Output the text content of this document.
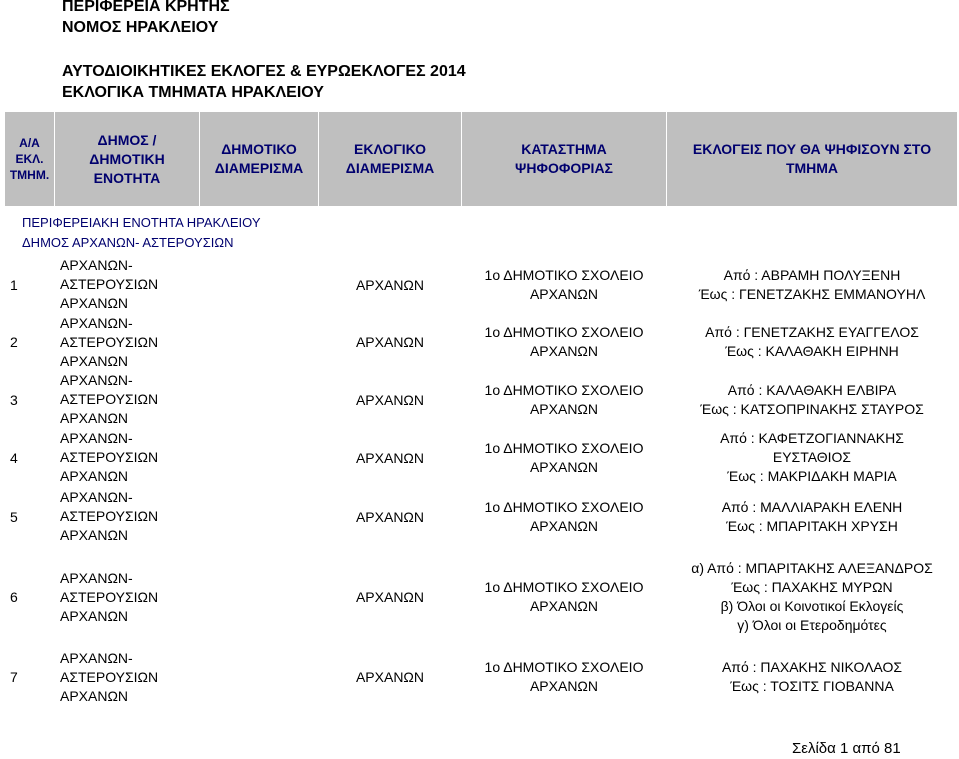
ΠΕΡΙΦΕΡΕΙΑ ΚΡΗΤΗΣ
ΝΟΜΟΣ ΗΡΑΚΛΕΙΟΥ
ΑΥΤΟΔΙΟΙΚΗΤΙΚΕΣ ΕΚΛΟΓΕΣ & ΕΥΡΩΕΚΛΟΓΕΣ 2014
ΕΚΛΟΓΙΚΑ ΤΜΗΜΑΤΑ ΗΡΑΚΛΕΙΟΥ
Α/Α
ΕΚΛ.
ΤΜΗΜ.
ΔΗΜΟΣ /
ΔΗΜΟΤΙΚΗ
ΕΝΟΤΗΤΑ
ΔΗΜΟΤΙΚΟ
ΔΙΑΜΕΡΙΣΜΑ
ΕΚΛΟΓΙΚΟ
ΔΙΑΜΕΡΙΣΜΑ
ΚΑΤΑΣΤΗΜΑ
ΨΗΦΟΦΟΡΙΑΣ
ΕΚΛΟΓΕΙΣ ΠΟΥ ΘΑ ΨΗΦΙΣΟΥΝ ΣΤΟ
ΤΜΗΜΑ
ΠΕΡΙΦΕΡΕΙΑΚΗ ΕΝΟΤΗΤΑ ΗΡΑΚΛΕΙΟΥ
ΔΗΜΟΣ ΑΡΧΑΝΩΝ- ΑΣΤΕΡΟΥΣΙΩΝ
1
ΑΡΧΑΝΩΝ-
ΑΣΤΕΡΟΥΣΙΩΝ
ΑΡΧΑΝΩΝ
ΑΡΧΑΝΩΝ
1ο ΔΗΜΟΤΙΚΟ ΣΧΟΛΕΙΟ
ΑΡΧΑΝΩΝ
Από : ΑΒΡΑΜΗ ΠΟΛΥΞΕΝΗ
Έως : ΓΕΝΕΤΖΑΚΗΣ ΕΜΜΑΝΟΥΗΛ
2
ΑΡΧΑΝΩΝ-
ΑΣΤΕΡΟΥΣΙΩΝ
ΑΡΧΑΝΩΝ
ΑΡΧΑΝΩΝ
1ο ΔΗΜΟΤΙΚΟ ΣΧΟΛΕΙΟ
ΑΡΧΑΝΩΝ
Από : ΓΕΝΕΤΖΑΚΗΣ ΕΥΑΓΓΕΛΟΣ
Έως : ΚΑΛΑΘΑΚΗ ΕΙΡΗΝΗ
3
ΑΡΧΑΝΩΝ-
ΑΣΤΕΡΟΥΣΙΩΝ
ΑΡΧΑΝΩΝ
ΑΡΧΑΝΩΝ
1ο ΔΗΜΟΤΙΚΟ ΣΧΟΛΕΙΟ
ΑΡΧΑΝΩΝ
Από : ΚΑΛΑΘΑΚΗ ΕΛΒΙΡΑ
Έως : ΚΑΤΣΟΠΡΙΝΑΚΗΣ ΣΤΑΥΡΟΣ
4
ΑΡΧΑΝΩΝ-
ΑΣΤΕΡΟΥΣΙΩΝ
ΑΡΧΑΝΩΝ
ΑΡΧΑΝΩΝ
1ο ΔΗΜΟΤΙΚΟ ΣΧΟΛΕΙΟ
ΑΡΧΑΝΩΝ
Από : ΚΑΦΕΤΖΟΓΙΑΝΝΑΚΗΣ
ΕΥΣΤΑΘΙΟΣ
Έως : ΜΑΚΡΙΔΑΚΗ ΜΑΡΙΑ
5
ΑΡΧΑΝΩΝ-
ΑΣΤΕΡΟΥΣΙΩΝ
ΑΡΧΑΝΩΝ
ΑΡΧΑΝΩΝ
1ο ΔΗΜΟΤΙΚΟ ΣΧΟΛΕΙΟ
ΑΡΧΑΝΩΝ
Από : ΜΑΛΛΙΑΡΑΚΗ ΕΛΕΝΗ
Έως : ΜΠΑΡΙΤΑΚΗ ΧΡΥΣΗ
6
ΑΡΧΑΝΩΝ-
ΑΣΤΕΡΟΥΣΙΩΝ
ΑΡΧΑΝΩΝ
ΑΡΧΑΝΩΝ
1ο ΔΗΜΟΤΙΚΟ ΣΧΟΛΕΙΟ
ΑΡΧΑΝΩΝ
α) Από : ΜΠΑΡΙΤΑΚΗΣ ΑΛΕΞΑΝΔΡΟΣ
Έως : ΠΑΧΑΚΗΣ ΜΥΡΩΝ
β) Όλοι οι Κοινοτικοί Εκλογείς
γ) Όλοι οι Ετεροδημότες
7
ΑΡΧΑΝΩΝ-
ΑΣΤΕΡΟΥΣΙΩΝ
ΑΡΧΑΝΩΝ
ΑΡΧΑΝΩΝ
1ο ΔΗΜΟΤΙΚΟ ΣΧΟΛΕΙΟ
ΑΡΧΑΝΩΝ
Από : ΠΑΧΑΚΗΣ ΝΙΚΟΛΑΟΣ
Έως : ΤΟΣΙΤΣ ΓΙΟΒΑΝΝΑ
Σελίδα 1 από 81
